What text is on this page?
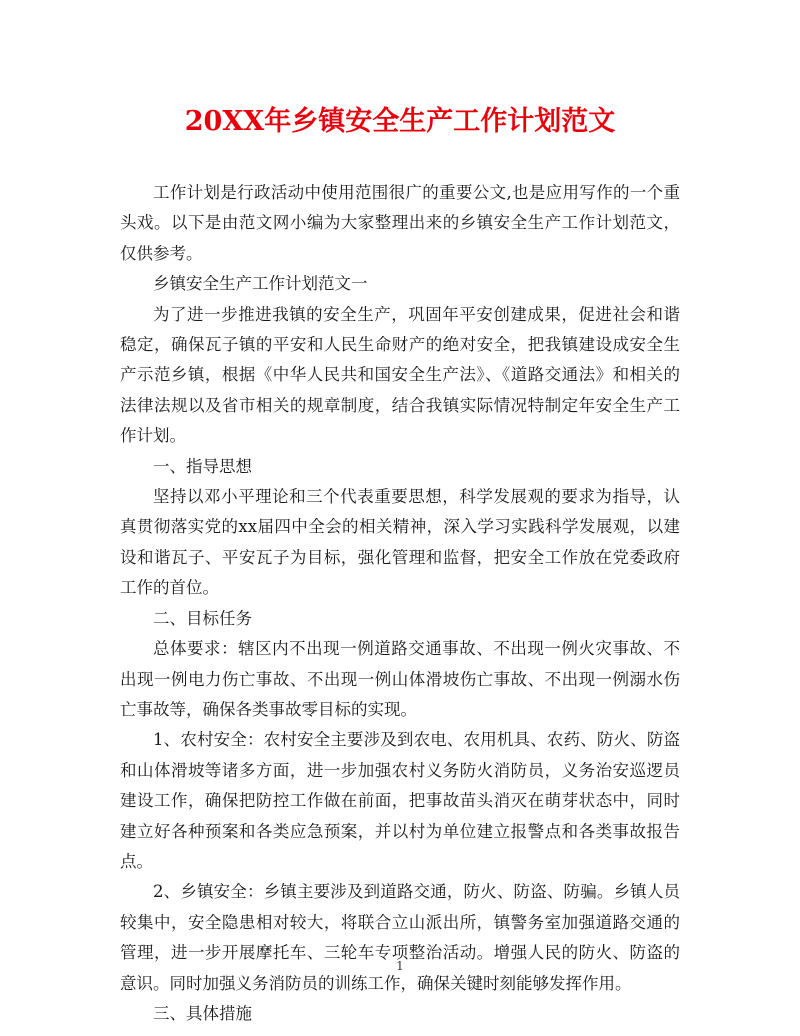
20XX年乡镇安全生产工作计划范文

工作计划是行政活动中使用范围很广的重要公文,也是应用写作的一个重头戏。以下是由范文网小编为大家整理出来的乡镇安全生产工作计划范文，仅供参考。

乡镇安全生产工作计划范文一

为了进一步推进我镇的安全生产，巩固年平安创建成果，促进社会和谐稳定，确保瓦子镇的平安和人民生命财产的绝对安全，把我镇建设成安全生产示范乡镇，根据《中华人民共和国安全生产法》、《道路交通法》和相关的法律法规以及省市相关的规章制度，结合我镇实际情况特制定年安全生产工作计划。

一、指导思想

坚持以邓小平理论和三个代表重要思想，科学发展观的要求为指导，认真贯彻落实党的xx届四中全会的相关精神，深入学习实践科学发展观，以建设和谐瓦子、平安瓦子为目标，强化管理和监督，把安全工作放在党委政府工作的首位。

二、目标任务

总体要求：辖区内不出现一例道路交通事故、不出现一例火灾事故、不出现一例电力伤亡事故、不出现一例山体滑坡伤亡事故、不出现一例溺水伤亡事故等，确保各类事故零目标的实现。

1、农村安全：农村安全主要涉及到农电、农用机具、农药、防火、防盗和山体滑坡等诸多方面，进一步加强农村义务防火消防员，义务治安巡逻员建设工作，确保把防控工作做在前面，把事故苗头消灭在萌芽状态中，同时建立好各种预案和各类应急预案，并以村为单位建立报警点和各类事故报告点。

2、乡镇安全：乡镇主要涉及到道路交通，防火、防盗、防骗。乡镇人员较集中，安全隐患相对较大，将联合立山派出所，镇警务室加强道路交通的管理，进一步开展摩托车、三轮车专项整治活动。增强人民的防火、防盗的意识。同时加强义务消防员的训练工作，确保关键时刻能够发挥作用。

三、具体措施

1
